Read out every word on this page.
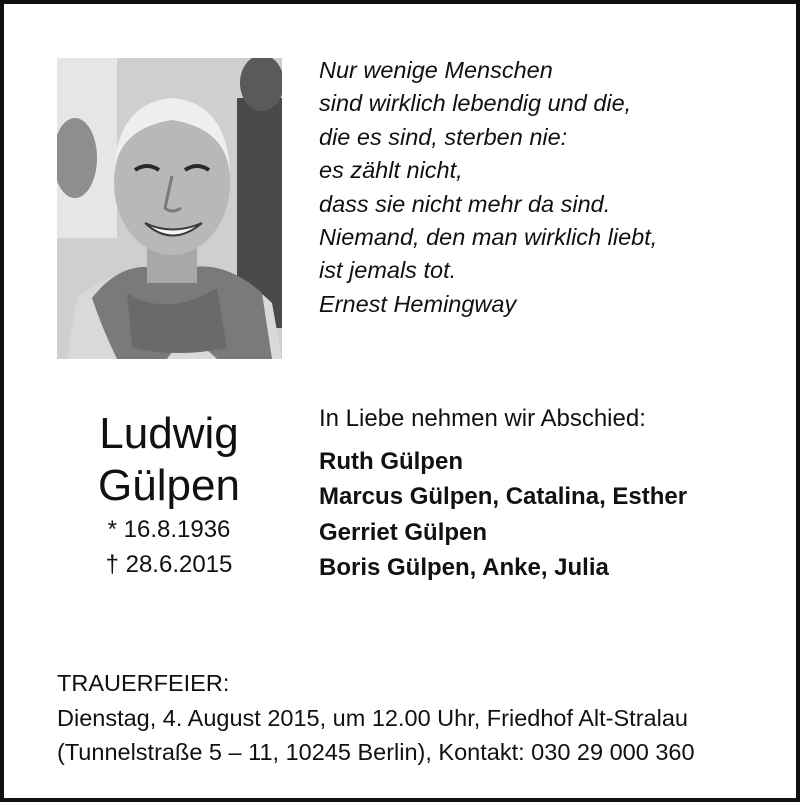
Nur wenige Menschen
sind wirklich lebendig und die,
die es sind, sterben nie:
es zählt nicht,
dass sie nicht mehr da sind.
Niemand, den man wirklich liebt,
ist jemals tot.
Ernest Hemingway
Ludwig
Gülpen
* 16.8.1936
† 28.6.2015
In Liebe nehmen wir Abschied:
Ruth Gülpen
Marcus Gülpen, Catalina, Esther
Gerriet Gülpen
Boris Gülpen, Anke, Julia
TRAUERFEIER:
Dienstag, 4. August 2015, um 12.00 Uhr, Friedhof Alt-Stralau
(Tunnelstraße 5 – 11, 10245 Berlin), Kontakt: 030 29 000 360
